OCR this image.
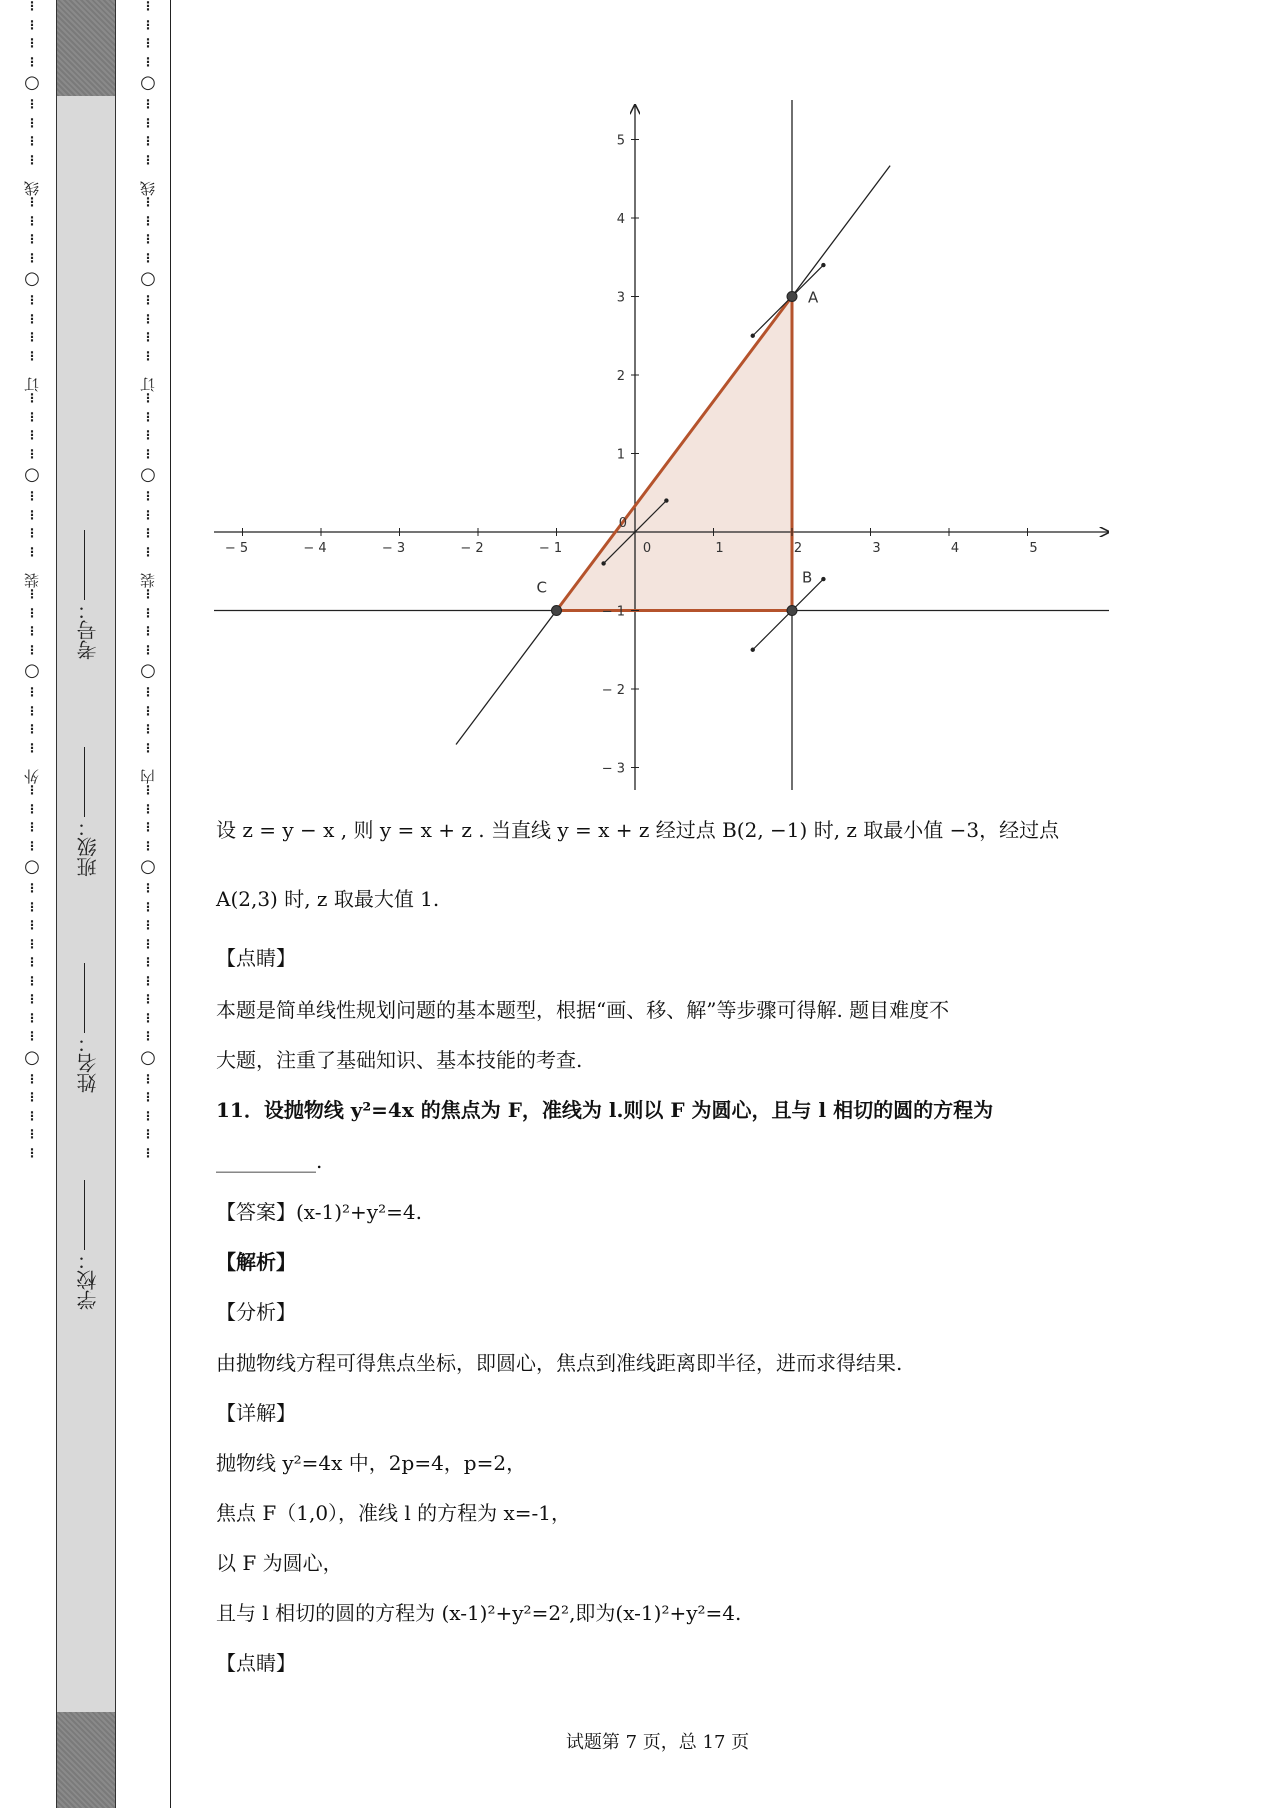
⋮
⋮
⋮
⋮
○
⋮
⋮
⋮
⋮
线
⋮
⋮
⋮
⋮
○
⋮
⋮
⋮
⋮
订
⋮
⋮
⋮
⋮
○
⋮
⋮
⋮
⋮
装
⋮
⋮
⋮
⋮
○
⋮
⋮
⋮
⋮
外
⋮
⋮
⋮
⋮
○
⋮
⋮
⋮
⋮
⋮
⋮
⋮
⋮
⋮
○
⋮
⋮
⋮
⋮
⋮
学校：
姓名：
班级：
考号：
⋮
⋮
⋮
⋮
○
⋮
⋮
⋮
⋮
线
⋮
⋮
⋮
⋮
○
⋮
⋮
⋮
⋮
订
⋮
⋮
⋮
⋮
○
⋮
⋮
⋮
⋮
装
⋮
⋮
⋮
⋮
○
⋮
⋮
⋮
⋮
内
⋮
⋮
⋮
⋮
○
⋮
⋮
⋮
⋮
⋮
⋮
⋮
⋮
⋮
○
⋮
⋮
⋮
⋮
⋮
− 5	− 4	− 3	− 2	− 1	0	1	2	3	4	5
5
4
3
2
1
− 1
− 2
− 3
0
A
B
C
设 z = y − x , 则 y = x + z . 当直线 y = x + z 经过点 B(2, −1) 时, z 取最小值 −3，经过点
A(2,3) 时, z 取最大值 1.
【点睛】
本题是简单线性规划问题的基本题型，根据“画、移、解”等步骤可得解. 题目难度不
大题，注重了基础知识、基本技能的考查.
11．设抛物线 y²=4x 的焦点为 F，准线为 l.则以 F 为圆心，且与 l 相切的圆的方程为
__________.
【答案】(x-1)²+y²=4.
【解析】
【分析】
由抛物线方程可得焦点坐标，即圆心，焦点到准线距离即半径，进而求得结果.
【详解】
抛物线 y²=4x 中，2p=4，p=2，
焦点 F（1,0），准线 l 的方程为 x=-1，
以 F 为圆心，
且与 l 相切的圆的方程为 (x-1)²+y²=2²,即为(x-1)²+y²=4.
【点睛】
试题第 7 页，总 17 页
